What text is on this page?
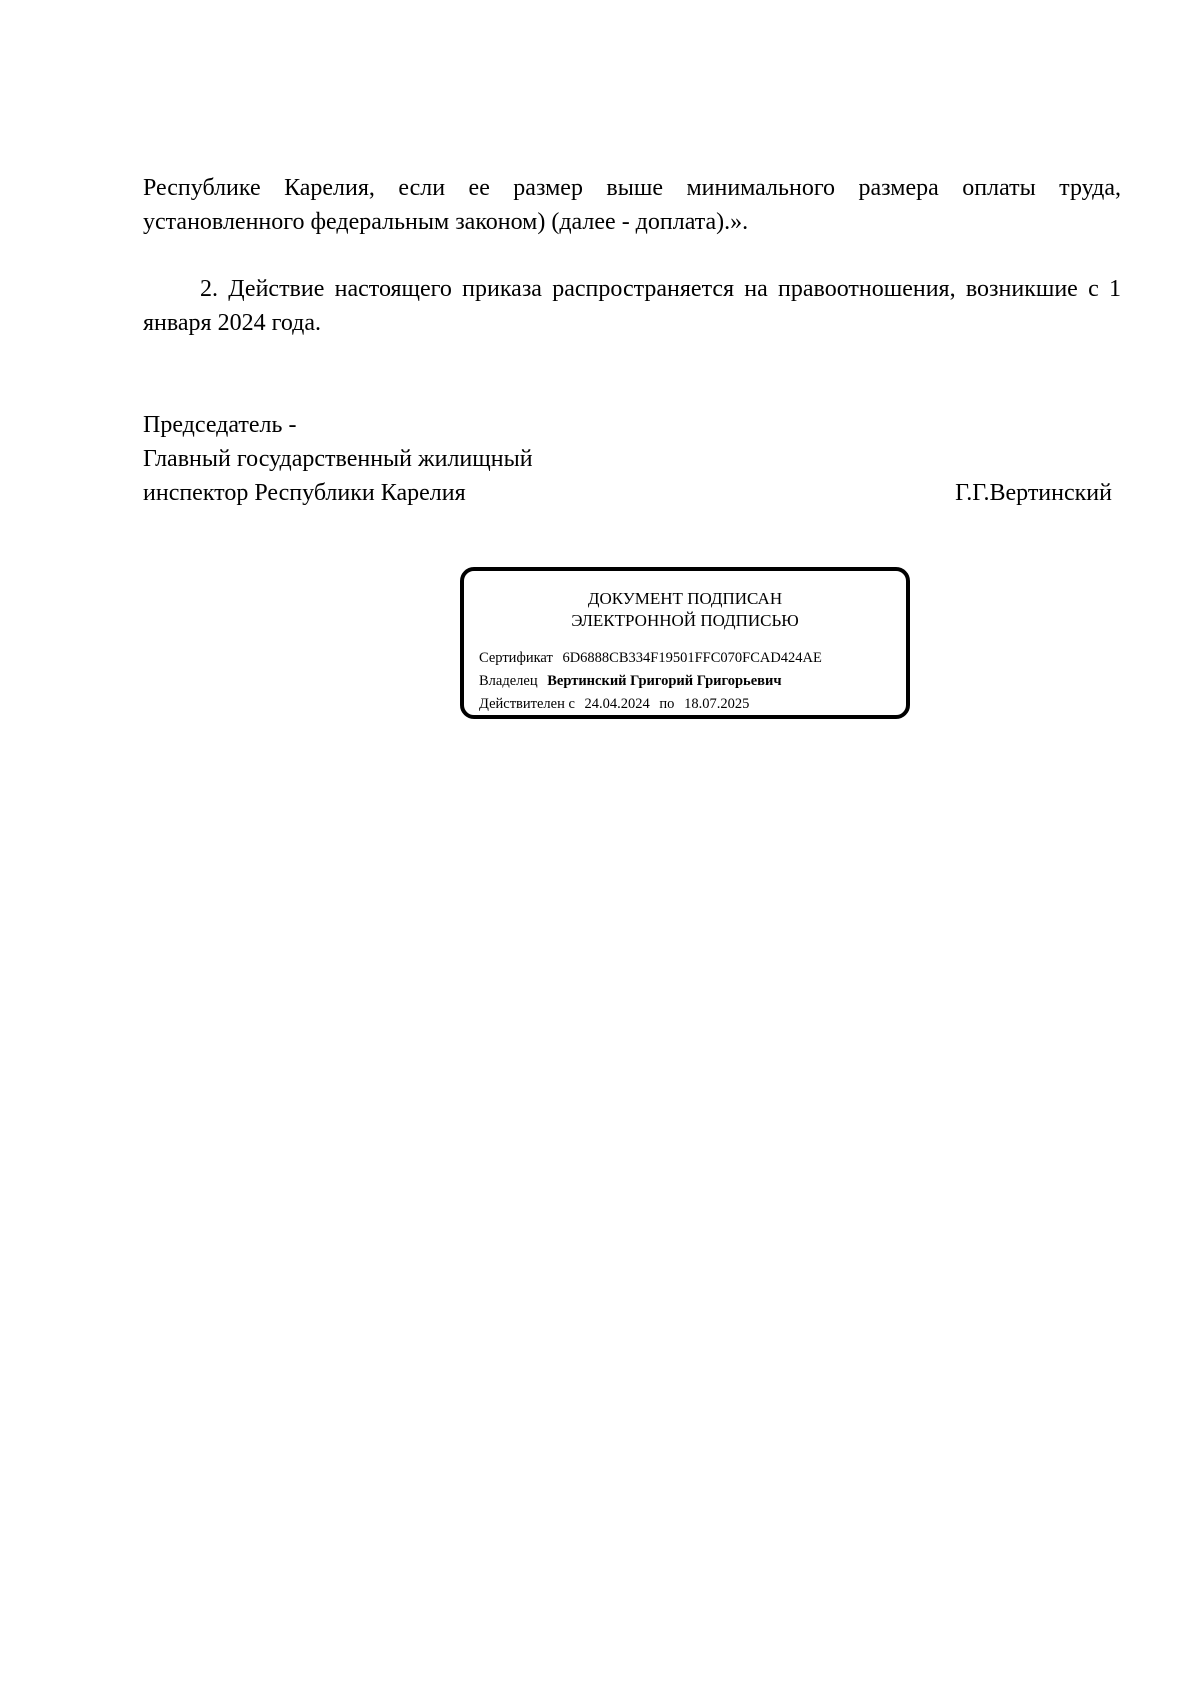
Республике Карелия, если ее размер выше минимального размера оплаты труда, установленного федеральным законом) (далее - доплата).».

2. Действие настоящего приказа распространяется на правоотношения, возникшие с 1 января 2024 года.

Председатель -
Главный государственный жилищный
инспектор Республики Карелия	Г.Г.Вертинский
ДОКУМЕНТ ПОДПИСАН
ЭЛЕКТРОННОЙ ПОДПИСЬЮ
Сертификат 6D6888CB334F19501FFC070FCAD424AE
Владелец Вертинский Григорий Григорьевич
Действителен с 24.04.2024 по 18.07.2025
